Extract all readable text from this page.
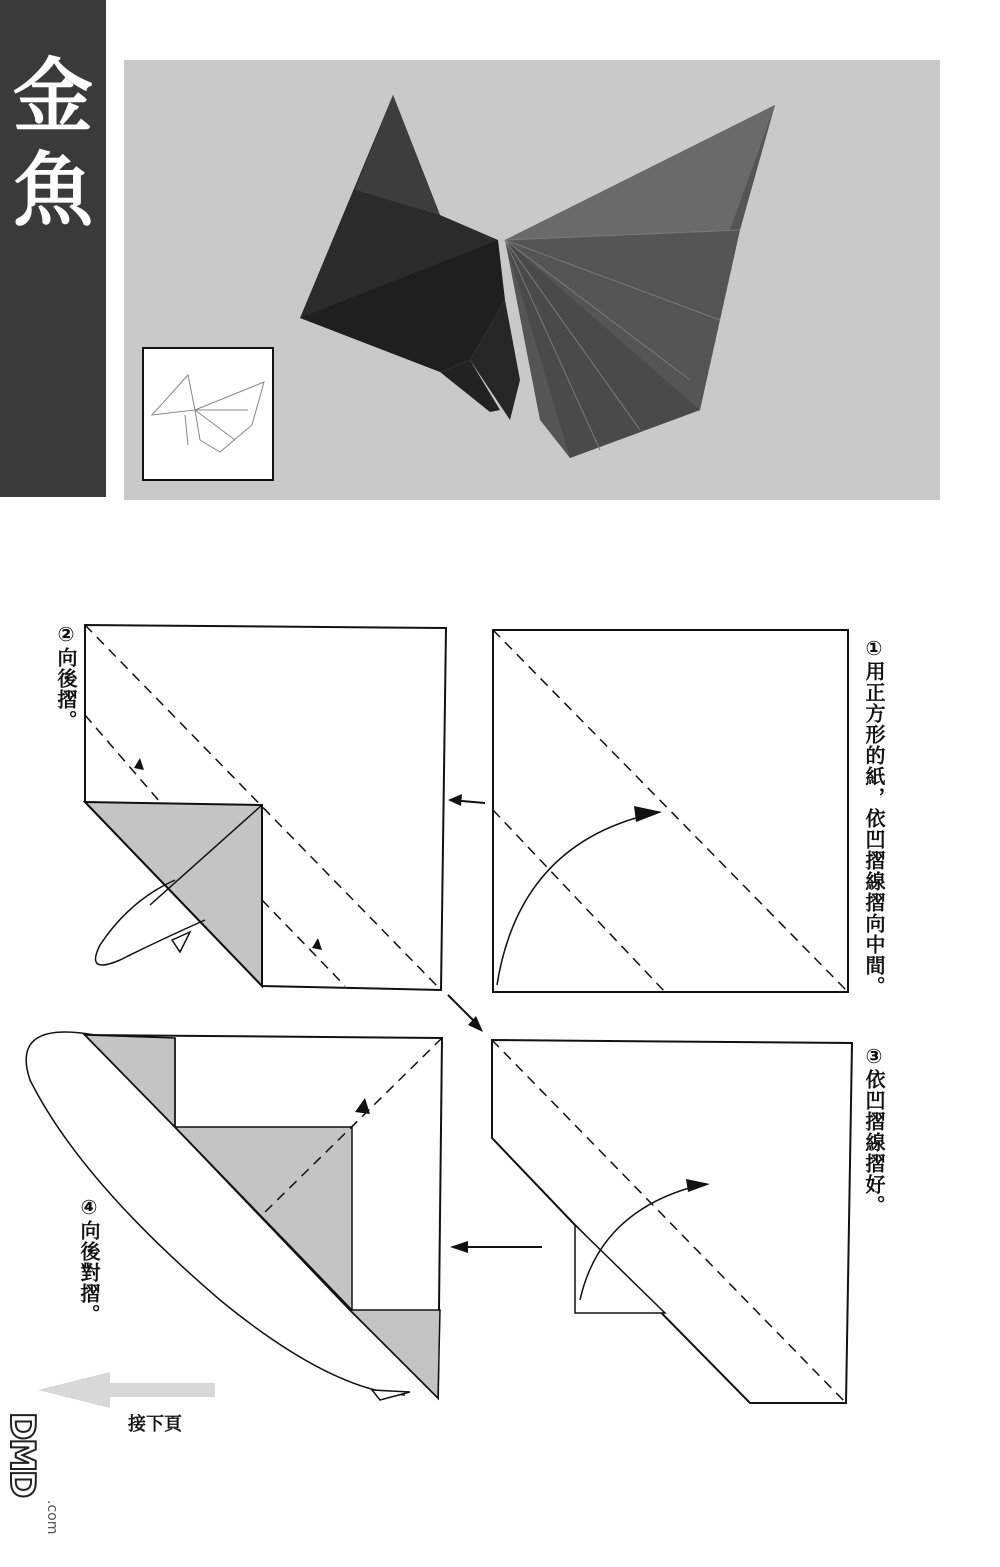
金
魚
①用正方形的紙，依凹摺線摺向中間。
②向後摺。
③依凹摺線摺好。
④向後對摺。
接下頁
DMD
.com
